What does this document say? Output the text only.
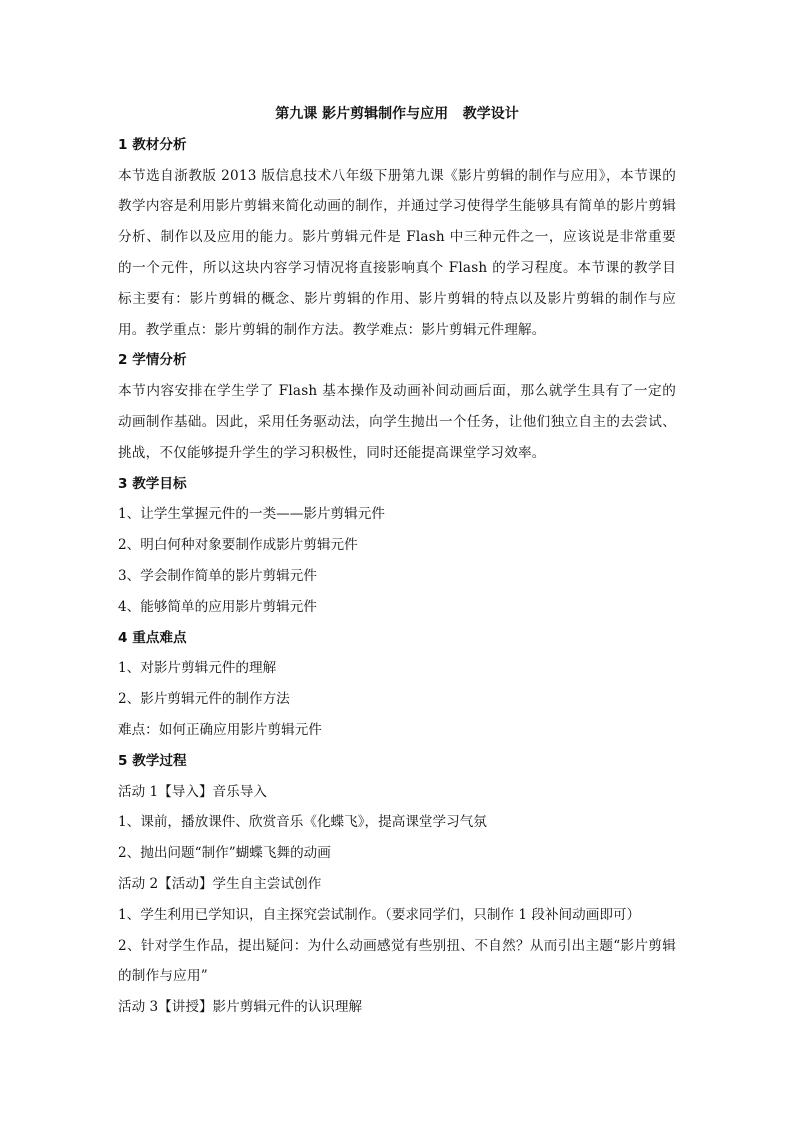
第九课 影片剪辑制作与应用   教学设计

1 教材分析

本节选自浙教版 2013 版信息技术八年级下册第九课《影片剪辑的制作与应用》，本节课的教学内容是利用影片剪辑来简化动画的制作，并通过学习使得学生能够具有简单的影片剪辑分析、制作以及应用的能力。影片剪辑元件是 Flash 中三种元件之一，应该说是非常重要的一个元件，所以这块内容学习情况将直接影响真个 Flash 的学习程度。本节课的教学目标主要有：影片剪辑的概念、影片剪辑的作用、影片剪辑的特点以及影片剪辑的制作与应用。教学重点：影片剪辑的制作方法。教学难点：影片剪辑元件理解。

2 学情分析

本节内容安排在学生学了 Flash 基本操作及动画补间动画后面，那么就学生具有了一定的动画制作基础。因此，采用任务驱动法，向学生抛出一个任务，让他们独立自主的去尝试、挑战，不仅能够提升学生的学习积极性，同时还能提高课堂学习效率。

3 教学目标

1、让学生掌握元件的一类——影片剪辑元件

2、明白何种对象要制作成影片剪辑元件

3、学会制作简单的影片剪辑元件

4、能够简单的应用影片剪辑元件

4 重点难点

1、对影片剪辑元件的理解

2、影片剪辑元件的制作方法

难点：如何正确应用影片剪辑元件

5 教学过程

活动 1【导入】音乐导入

1、课前，播放课件、欣赏音乐《化蝶飞》，提高课堂学习气氛

2、抛出问题“制作”蝴蝶飞舞的动画

活动 2【活动】学生自主尝试创作

1、学生利用已学知识，自主探究尝试制作。（要求同学们，只制作 1 段补间动画即可）

2、针对学生作品，提出疑问：为什么动画感觉有些别扭、不自然？从而引出主题“影片剪辑的制作与应用”

活动 3【讲授】影片剪辑元件的认识理解
